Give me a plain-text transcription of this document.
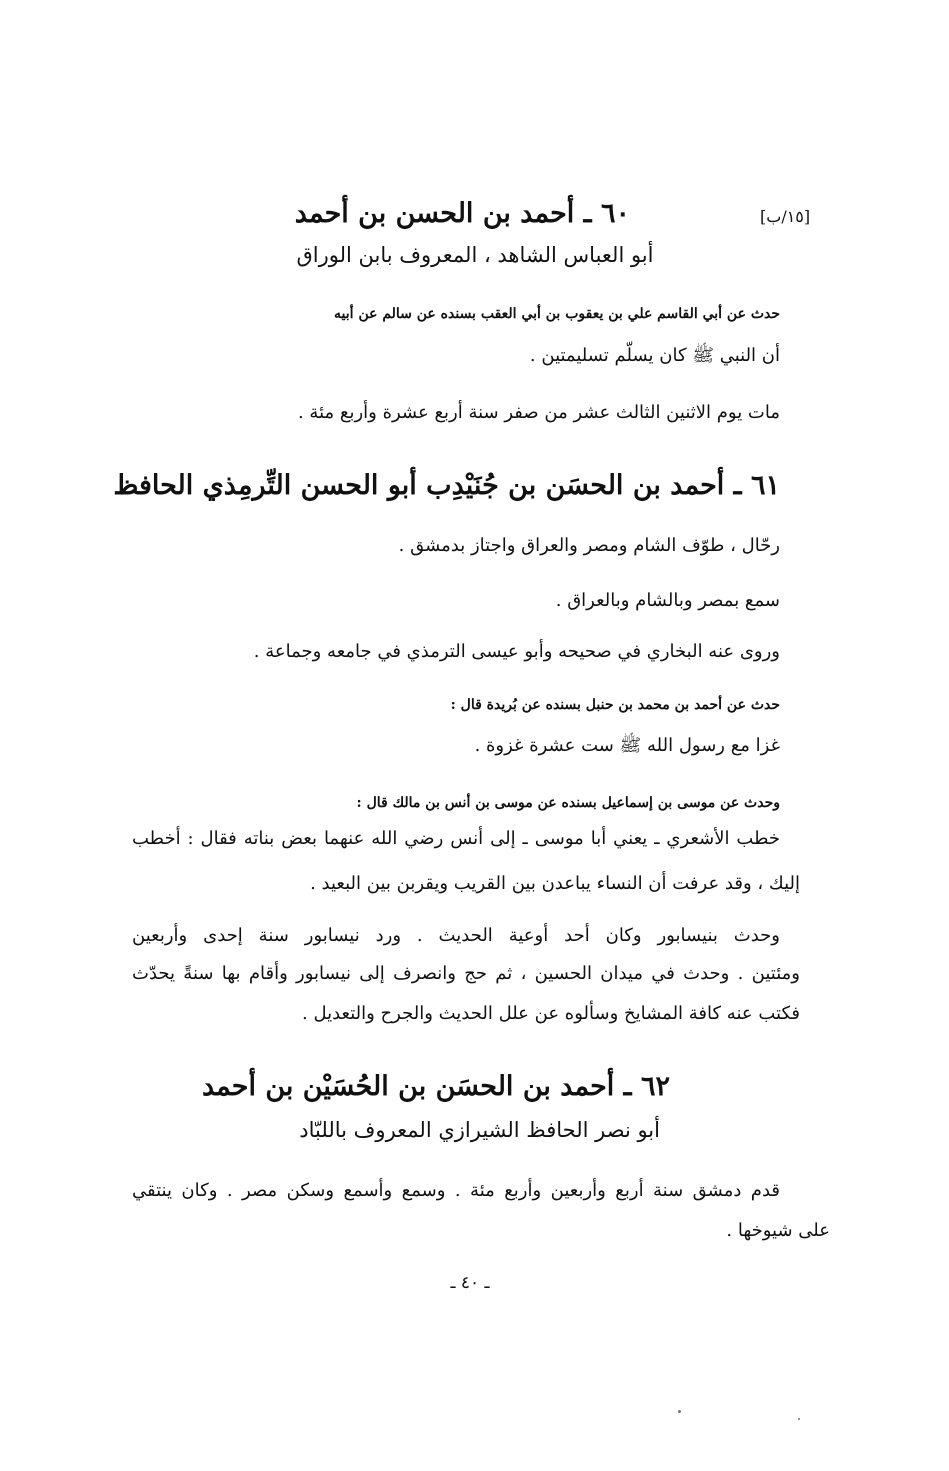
[١٥/ب]
٦٠ ـ أحمد بن الحسن بن أحمد
أبو العباس الشاهد ، المعروف بابن الوراق
حدث عن أبي القاسم علي بن يعقوب بن أبي العقب بسنده عن سالم عن أبيه
أن النبي ﷺ كان يسلّم تسليمتين .
مات يوم الاثنين الثالث عشر من صفر سنة أربع عشرة وأربع مئة .
٦١ ـ أحمد بن الحسَن بن جُنَيْدِب أبو الحسن التِّرمِذي الحافظ
رحّال ، طوّف الشام ومصر والعراق واجتاز بدمشق .
سمع بمصر وبالشام وبالعراق .
وروى عنه البخاري في صحيحه وأبو عيسى الترمذي في جامعه وجماعة .
حدث عن أحمد بن محمد بن حنبل بسنده عن بُريدة قال :
غزا مع رسول الله ﷺ ست عشرة غزوة .
وحدث عن موسى بن إسماعيل بسنده عن موسى بن أنس بن مالك قال :
خطب الأشعري ـ يعني أبا موسى ـ إلى أنس رضي الله عنهما بعض بناته فقال : أخطب
إليك ، وقد عرفت أن النساء يباعدن بين القريب ويقربن بين البعيد .
وحدث بنيسابور وكان أحد أوعية الحديث . ورد نيسابور سنة إحدى وأربعين
ومئتين . وحدث في ميدان الحسين ، ثم حج وانصرف إلى نيسابور وأقام بها سنةً يحدّث
فكتب عنه كافة المشايخ وسألوه عن علل الحديث والجرح والتعديل .
٦٢ ـ أحمد بن الحسَن بن الحُسَيْن بن أحمد
أبو نصر الحافظ الشيرازي المعروف باللبّاد
قدم دمشق سنة أربع وأربعين وأربع مئة . وسمع وأسمع وسكن مصر . وكان ينتقي
على شيوخها .
ـ ٤٠ ـ
